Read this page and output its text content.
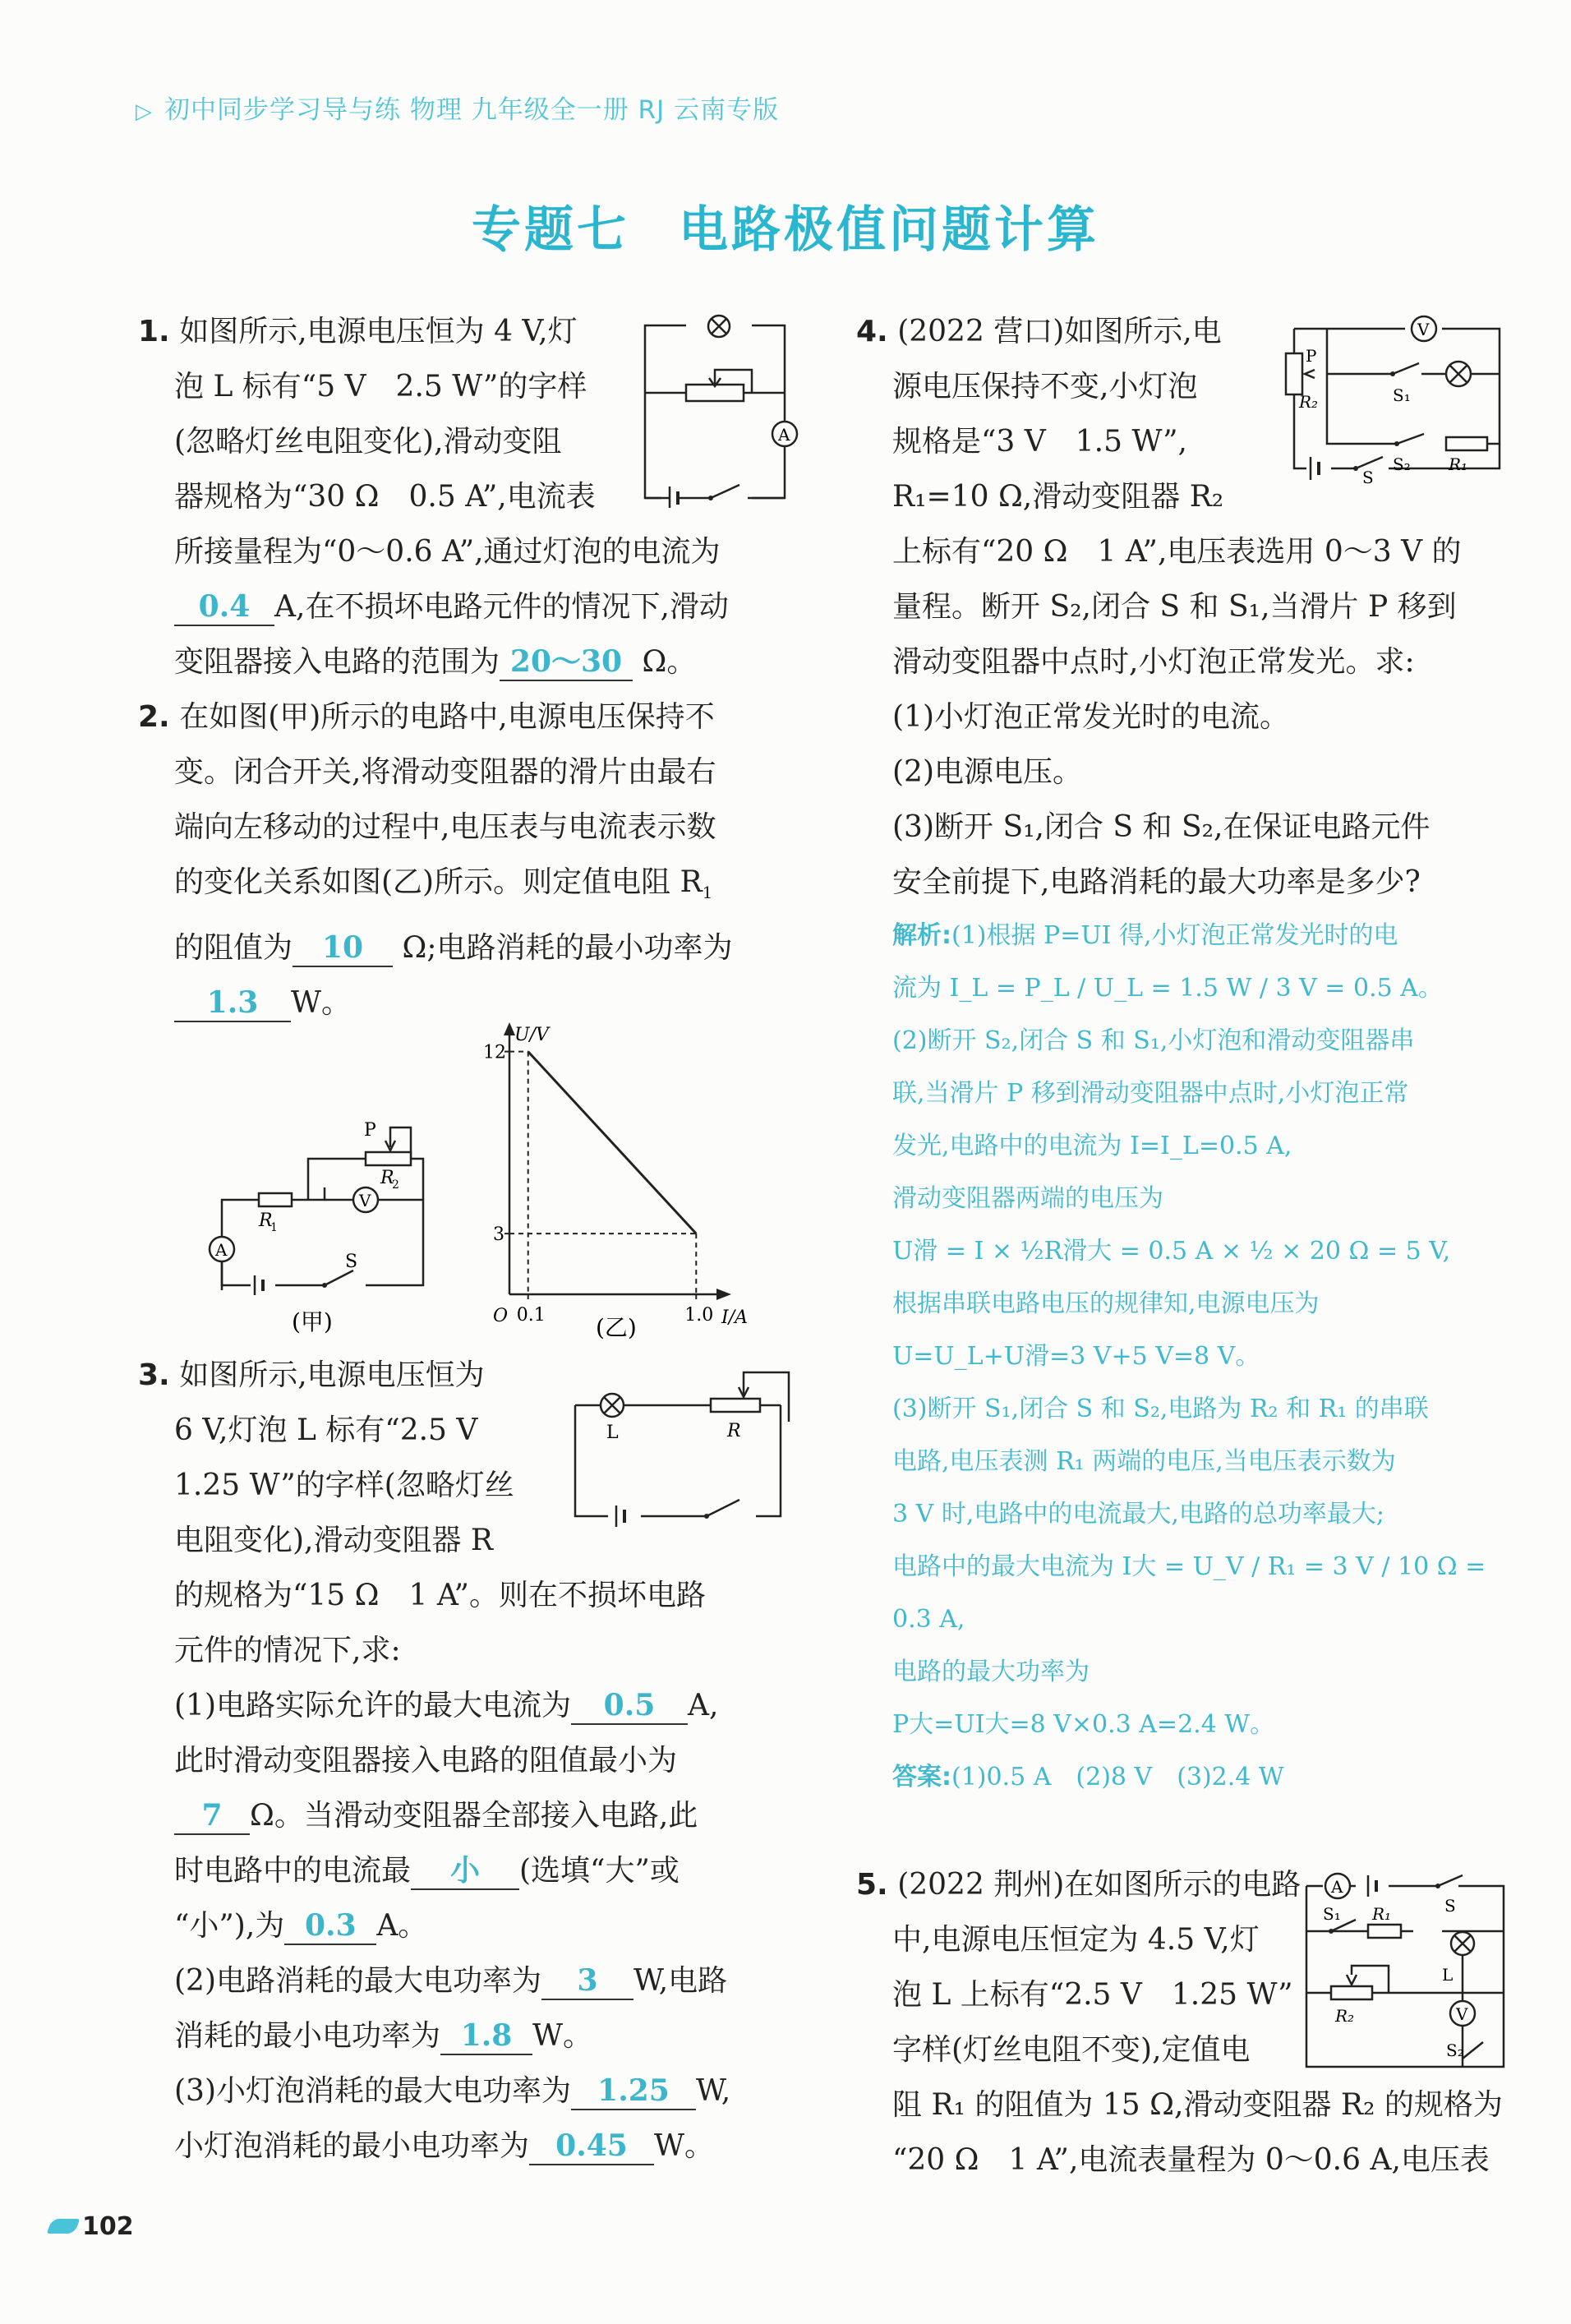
▷ 初中同步学习导与练 物理 九年级全一册 RJ 云南专版
专题七 电路极值问题计算

1. 如图所示,电源电压恒为 4 V,灯

泡 L 标有“5 V　2.5 W”的字样

(忽略灯丝电阻变化),滑动变阻

器规格为“30 Ω　0.5 A”,电流表

所接量程为“0～0.6 A”,通过灯泡的电流为

0.4 A,在不损坏电路元件的情况下,滑动

变阻器接入电路的范围为 20～30 Ω。

2. 在如图(甲)所示的电路中,电源电压保持不

变。闭合开关,将滑动变阻器的滑片由最右

端向左移动的过程中,电压表与电流表示数

的变化关系如图(乙)所示。则定值电阻 $R_1$

的阻值为 10 Ω;电路消耗的最小功率为

1.3 W。

A
R
1
V
P
R
2
A
S
(甲)
U/V
I/A
O
3
12
0.1	1.0
(乙)

3. 如图所示,电源电压恒为

6 V,灯泡 L 标有“2.5 V

1.25 W”的字样(忽略灯丝

电阻变化),滑动变阻器 R

的规格为“15 Ω　1 A”。则在不损坏电路

元件的情况下,求:

(1)电路实际允许的最大电流为 0.5 A,

此时滑动变阻器接入电路的阻值最小为

7 Ω。当滑动变阻器全部接入电路,此

时电路中的电流最 小 (选填“大”或

“小”),为 0.3 A。

(2)电路消耗的最大电功率为 3 W,电路

消耗的最小电功率为 1.8 W。

(3)小灯泡消耗的最大电功率为 1.25 W,

小灯泡消耗的最小电功率为 0.45 W。

L	R

4. (2022 营口)如图所示,电

源电压保持不变,小灯泡

规格是“3 V　1.5 W”,

R₁=10 Ω,滑动变阻器 R₂

上标有“20 Ω　1 A”,电压表选用 0～3 V 的

量程。断开 S₂,闭合 S 和 S₁,当滑片 P 移到

滑动变阻器中点时,小灯泡正常发光。求:

(1)小灯泡正常发光时的电流。

(2)电源电压。

(3)断开 S₁,闭合 S 和 S₂,在保证电路元件

安全前提下,电路消耗的最大功率是多少?

解析:(1)根据 P=UI 得,小灯泡正常发光时的电

流为 I_L = P_L / U_L = 1.5 W / 3 V = 0.5 A。

(2)断开 S₂,闭合 S 和 S₁,小灯泡和滑动变阻器串

联,当滑片 P 移到滑动变阻器中点时,小灯泡正常

发光,电路中的电流为 I=I_L=0.5 A,

滑动变阻器两端的电压为

U滑 = I × ½R滑大 = 0.5 A × ½ × 20 Ω = 5 V,

根据串联电路电压的规律知,电源电压为

U=U_L+U滑=3 V+5 V=8 V。

(3)断开 S₁,闭合 S 和 S₂,电路为 R₂ 和 R₁ 的串联

电路,电压表测 R₁ 两端的电压,当电压表示数为

3 V 时,电路中的电流最大,电路的总功率最大;

电路中的最大电流为 I大 = U_V / R₁ = 3 V / 10 Ω = 0.3 A,

电路的最大功率为

P大=UI大=8 V×0.3 A=2.4 W。

答案:(1)0.5 A　(2)8 V　(3)2.4 W

V
P
R₂	S₁
S₂ R₁
S

5. (2022 荆州)在如图所示的电路

中,电源电压恒定为 4.5 V,灯

泡 L 上标有“2.5 V　1.25 W”

字样(灯丝电阻不变),定值电

阻 R₁ 的阻值为 15 Ω,滑动变阻器 R₂ 的规格为

“20 Ω　1 A”,电流表量程为 0～0.6 A,电压表

A
S
S₁ R₁
L
R₂	V
S₂
102
